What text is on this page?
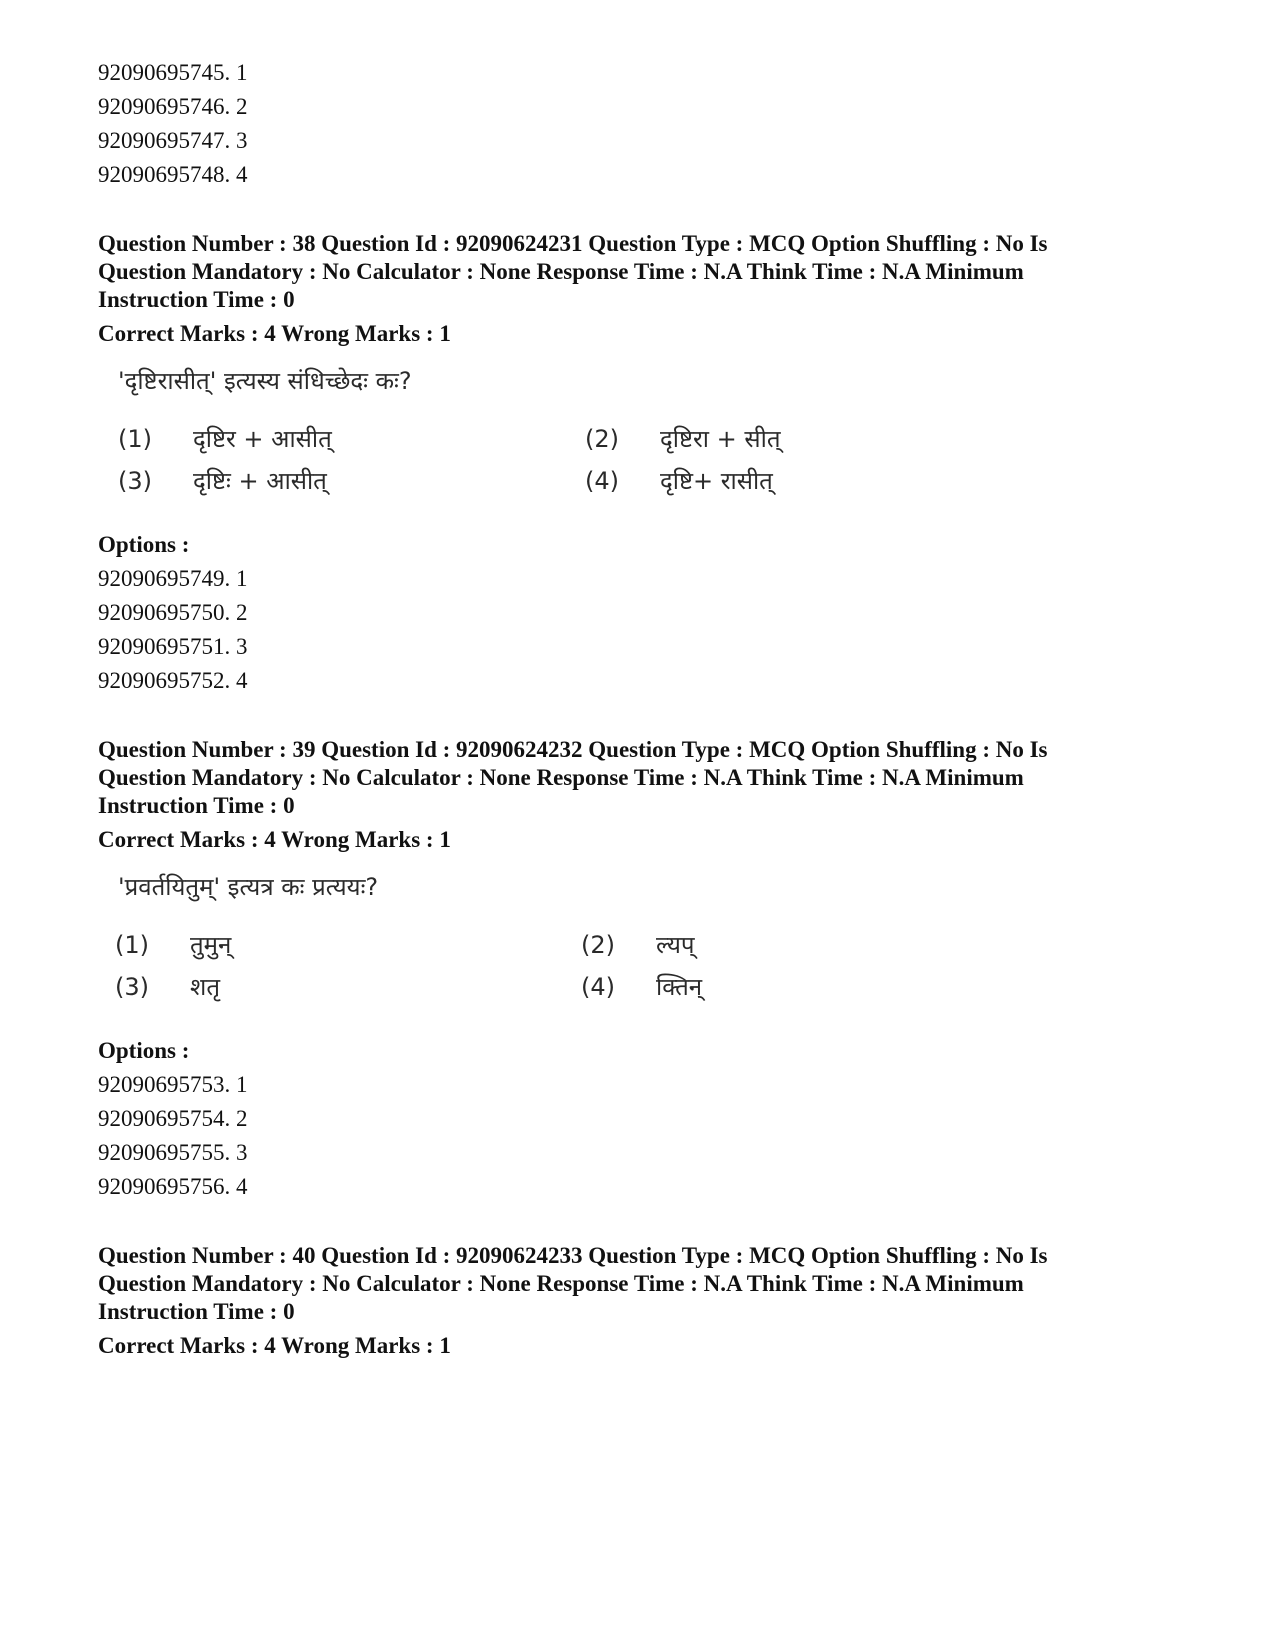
92090695745. 1
92090695746. 2
92090695747. 3
92090695748. 4
Question Number : 38 Question Id : 92090624231 Question Type : MCQ Option Shuffling : No Is
Question Mandatory : No Calculator : None Response Time : N.A Think Time : N.A Minimum
Instruction Time : 0
Correct Marks : 4 Wrong Marks : 1
'दृष्टिरासीत्' इत्यस्य संधिच्छेदः कः?
(1) दृष्टिर + आसीत्	(2) दृष्टिरा + सीत्
(3) दृष्टिः + आसीत्	(4) दृष्टि+ रासीत्
Options :
92090695749. 1
92090695750. 2
92090695751. 3
92090695752. 4
Question Number : 39 Question Id : 92090624232 Question Type : MCQ Option Shuffling : No Is
Question Mandatory : No Calculator : None Response Time : N.A Think Time : N.A Minimum
Instruction Time : 0
Correct Marks : 4 Wrong Marks : 1
'प्रवर्तयितुम्' इत्यत्र कः प्रत्ययः?
(1) तुमुन्	(2) ल्यप्
(3) शतृ	(4) क्तिन्
Options :
92090695753. 1
92090695754. 2
92090695755. 3
92090695756. 4
Question Number : 40 Question Id : 92090624233 Question Type : MCQ Option Shuffling : No Is
Question Mandatory : No Calculator : None Response Time : N.A Think Time : N.A Minimum
Instruction Time : 0
Correct Marks : 4 Wrong Marks : 1
